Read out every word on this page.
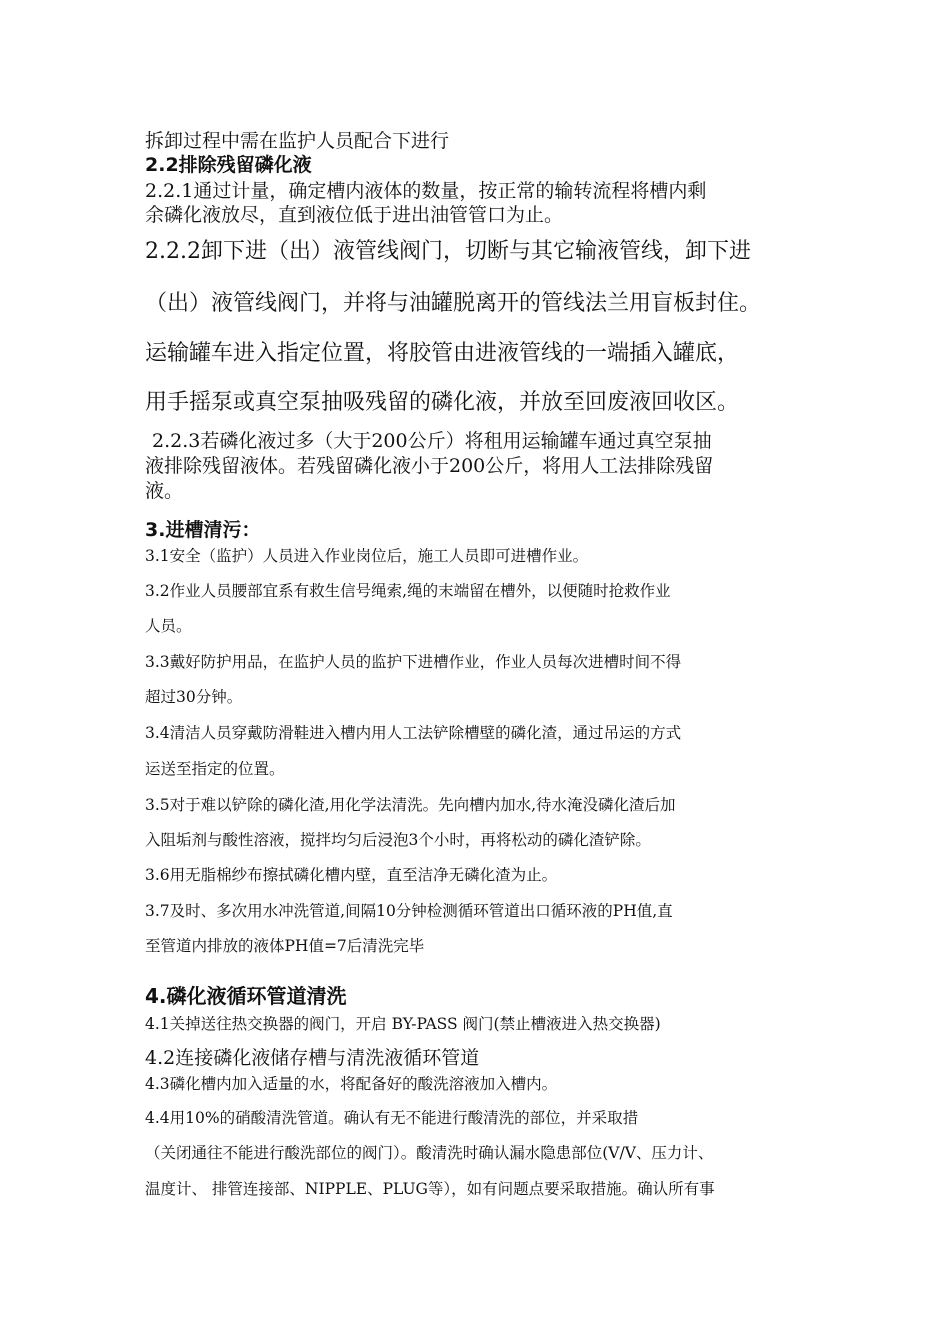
拆卸过程中需在监护人员配合下进行

2.2排除残留磷化液

2.2.1通过计量，确定槽内液体的数量，按正常的输转流程将槽内剩

余磷化液放尽，直到液位低于进出油管管口为止。

2.2.2卸下进（出）液管线阀门，切断与其它输液管线，卸下进

（出）液管线阀门，并将与油罐脱离开的管线法兰用盲板封住。

运输罐车进入指定位置，将胶管由进液管线的一端插入罐底，

用手摇泵或真空泵抽吸残留的磷化液，并放至回废液回收区。

2.2.3若磷化液过多（大于200公斤）将租用运输罐车通过真空泵抽

液排除残留液体。若残留磷化液小于200公斤，将用人工法排除残留

液。

3.进槽清污：

3.1安全（监护）人员进入作业岗位后，施工人员即可进槽作业。

3.2作业人员腰部宜系有救生信号绳索,绳的末端留在槽外，以便随时抢救作业

人员。

3.3戴好防护用品，在监护人员的监护下进槽作业，作业人员每次进槽时间不得

超过30分钟。

3.4清洁人员穿戴防滑鞋进入槽内用人工法铲除槽壁的磷化渣，通过吊运的方式

运送至指定的位置。

3.5对于难以铲除的磷化渣,用化学法清洗。先向槽内加水,待水淹没磷化渣后加

入阻垢剂与酸性溶液，搅拌均匀后浸泡3个小时，再将松动的磷化渣铲除。

3.6用无脂棉纱布擦拭磷化槽内壁，直至洁净无磷化渣为止。

3.7及时、多次用水冲洗管道,间隔10分钟检测循环管道出口循环液的PH值,直

至管道内排放的液体PH值=7后清洗完毕

4.磷化液循环管道清洗

4.1关掉送往热交换器的阀门，开启 BY-PASS 阀门(禁止槽液进入热交换器)

4.2连接磷化液储存槽与清洗液循环管道

4.3磷化槽内加入适量的水，将配备好的酸洗溶液加入槽内。

4.4用10%的硝酸清洗管道。确认有无不能进行酸清洗的部位，并采取措

（关闭通往不能进行酸洗部位的阀门）。酸清洗时确认漏水隐患部位(V/V、压力计、

温度计、 排管连接部、NIPPLE、PLUG等），如有问题点要采取措施。确认所有事
